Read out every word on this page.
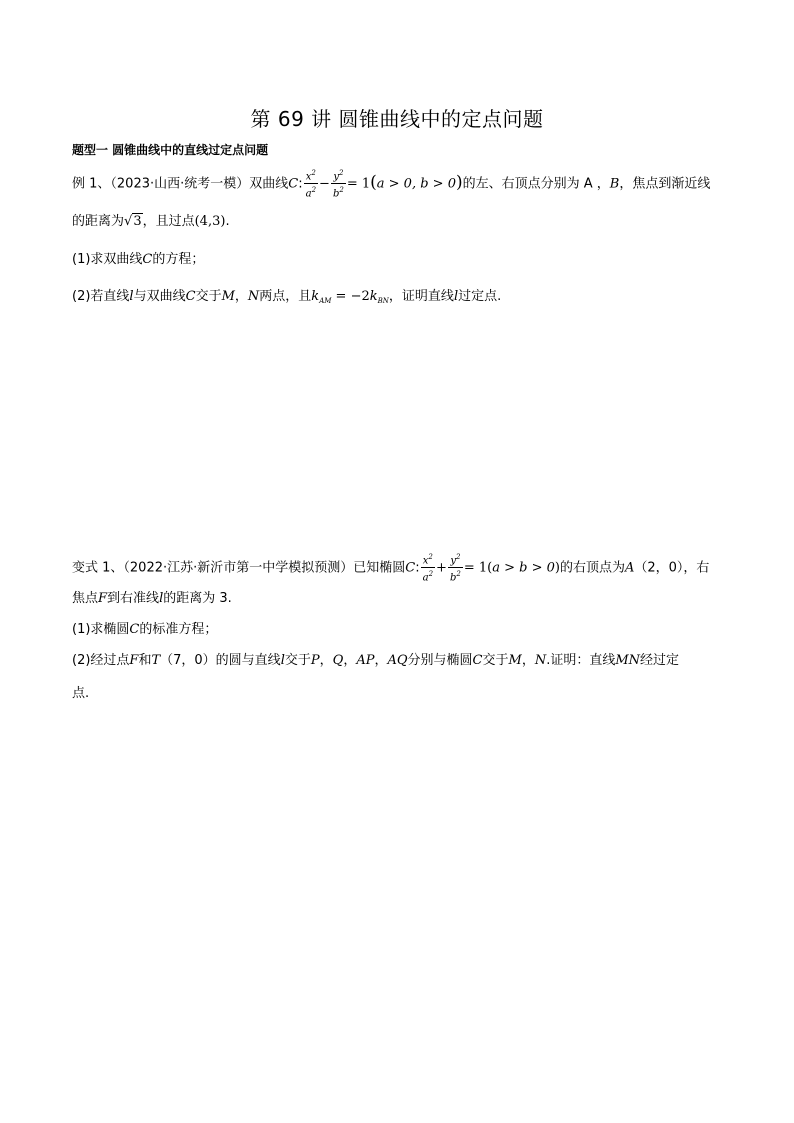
第 69 讲 圆锥曲线中的定点问题
题型一 圆锥曲线中的直线过定点问题
例 1、（2023·山西·统考一模）双曲线C: $\frac{x^2}{a^2} - \frac{y^2}{b^2} = 1(a > 0$, b > 0)的左、右顶点分别为 A ，B，焦点到渐近线
的距离为√3，且过点(4,3).
(1)求双曲线C的方程；
(2)若直线l与双曲线C交于M，N两点，且$k_{AM} = -2k_{BN}$，证明直线l过定点.
变式 1、（2022·江苏·新沂市第一中学模拟预测）已知椭圆C: $\frac{x^2}{a^2} + \frac{y^2}{b^2} = 1(a > b > 0)$的右顶点为A（2，0），右
焦点F到右准线l的距离为 3.
(1)求椭圆C的标准方程；
(2)经过点F和T（7，0）的圆与直线l交于P，Q，AP，AQ分别与椭圆C交于M，N.证明：直线MN经过定
点.
